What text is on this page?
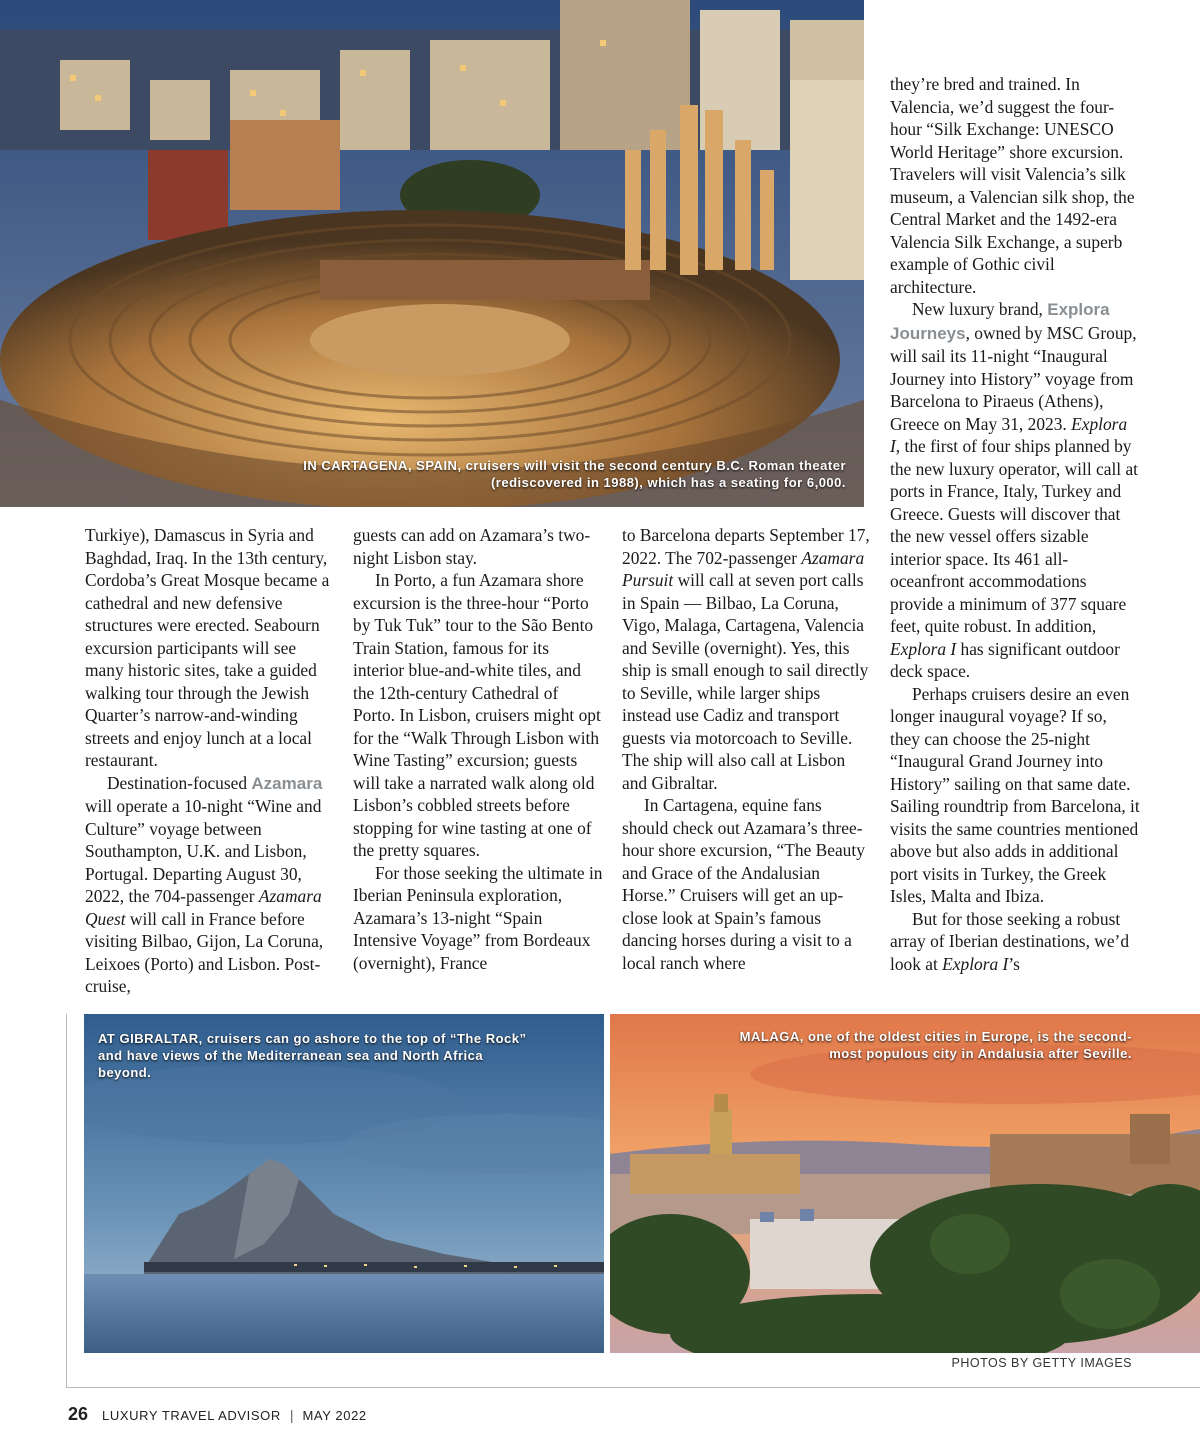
IN CARTAGENA, SPAIN, cruisers will visit the second century B.C. Roman theater
(rediscovered in 1988), which has a seating for 6,000.

they’re bred and trained. In Valencia, we’d suggest the four-hour “Silk Exchange: UNESCO World Heritage” shore excursion. Travelers will visit Valencia’s silk museum, a Valencian silk shop, the Central Market and the 1492-era Valencia Silk Exchange, a superb example of Gothic civil architecture.

New luxury brand, Explora Journeys, owned by MSC Group, will sail its 11-night “Inaugural Journey into History” voyage from Barcelona to Piraeus (Athens), Greece on May 31, 2023. Explora I, the first of four ships planned by the new luxury operator, will call at ports in France, Italy, Turkey and Greece. Guests will discover that the new vessel offers sizable interior space. Its 461 all-oceanfront accommodations provide a minimum of 377 square feet, quite robust. In addition, Explora I has significant outdoor deck space.

Perhaps cruisers desire an even longer inaugural voyage? If so, they can choose the 25-night “Inaugural Grand Journey into History” sailing on that same date. Sailing roundtrip from Barcelona, it visits the same countries mentioned above but also adds in additional port visits in Turkey, the Greek Isles, Malta and Ibiza.

But for those seeking a robust array of Iberian destinations, we’d look at Explora I’s

Turkiye), Damascus in Syria and Baghdad, Iraq. In the 13th century, Cordoba’s Great Mosque became a cathedral and new defensive structures were erected. Seabourn excursion participants will see many historic sites, take a guided walking tour through the Jewish Quarter’s narrow-and-winding streets and enjoy lunch at a local restaurant.

Destination-focused Azamara will operate a 10-night “Wine and Culture” voyage between Southampton, U.K. and Lisbon, Portugal. Departing August 30, 2022, the 704-passenger Azamara Quest will call in France before visiting Bilbao, Gijon, La Coruna, Leixoes (Porto) and Lisbon. Post-cruise,

guests can add on Azamara’s two-night Lisbon stay.

In Porto, a fun Azamara shore excursion is the three-hour “Porto by Tuk Tuk” tour to the São Bento Train Station, famous for its interior blue-and-white tiles, and the 12th-century Cathedral of Porto. In Lisbon, cruisers might opt for the “Walk Through Lisbon with Wine Tasting” excursion; guests will take a narrated walk along old Lisbon’s cobbled streets before stopping for wine tasting at one of the pretty squares.

For those seeking the ultimate in Iberian Peninsula exploration, Azamara’s 13-night “Spain Intensive Voyage” from Bordeaux (overnight), France

to Barcelona departs September 17, 2022. The 702-passenger Azamara Pursuit will call at seven port calls in Spain — Bilbao, La Coruna, Vigo, Malaga, Cartagena, Valencia and Seville (overnight). Yes, this ship is small enough to sail directly to Seville, while larger ships instead use Cadiz and transport guests via motorcoach to Seville. The ship will also call at Lisbon and Gibraltar.

In Cartagena, equine fans should check out Azamara’s three-hour shore excursion, “The Beauty and Grace of the Andalusian Horse.” Cruisers will get an up-close look at Spain’s famous dancing horses during a visit to a local ranch where

AT GIBRALTAR, cruisers can go ashore to the top of “The Rock” and have views of the Mediterranean sea and North Africa beyond.
MALAGA, one of the oldest cities in Europe, is the second-most populous city in Andalusia after Seville.
PHOTOS BY GETTY IMAGES
26 LUXURY TRAVEL ADVISOR | MAY 2022
